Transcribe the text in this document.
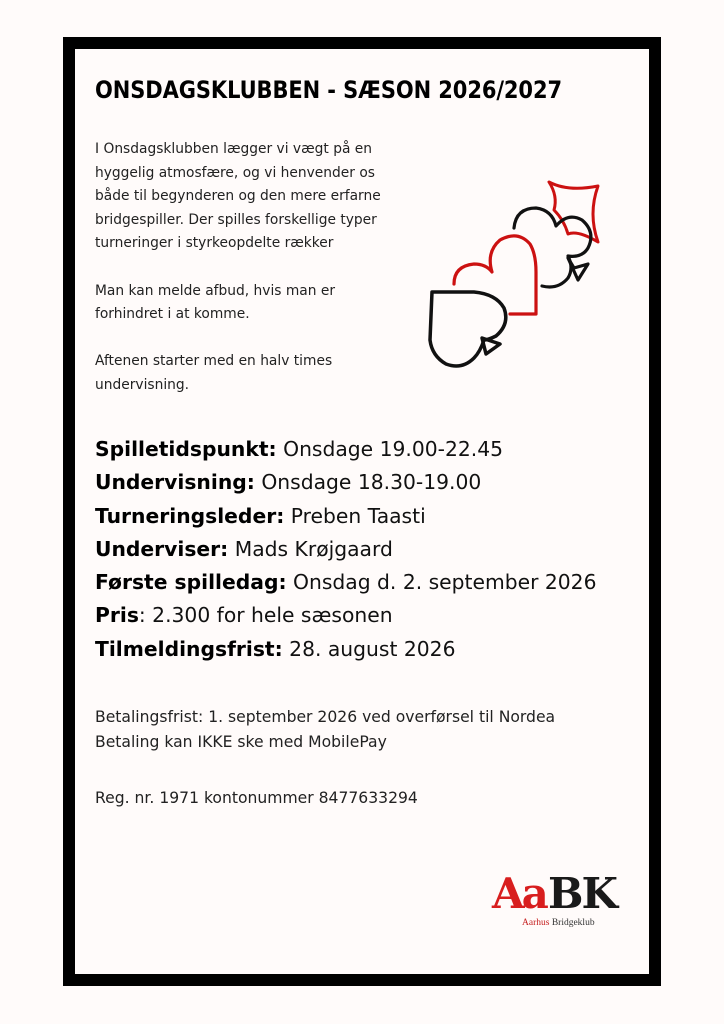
ONSDAGSKLUBBEN - SÆSON 2026/2027

I Onsdagsklubben lægger vi vægt på en
hyggelig atmosfære, og vi henvender os
både til begynderen og den mere erfarne
bridgespiller. Der spilles forskellige typer
turneringer i styrkeopdelte rækker

Man kan melde afbud, hvis man er
forhindret i at komme.

Aftenen starter med en halv times
undervisning.

Spilletidspunkt: Onsdage 19.00-22.45
Undervisning: Onsdage 18.30-19.00
Turneringsleder: Preben Taasti
Underviser: Mads Krøjgaard
Første spilledag: Onsdag d. 2. september 2026
Pris: 2.300 for hele sæsonen
Tilmeldingsfrist: 28. august 2026
Betalingsfrist: 1. september 2026 ved overførsel til Nordea
Betaling kan IKKE ske med MobilePay
Reg. nr. 1971 kontonummer 8477633294
Aa BK
Aarhus Bridgeklub
